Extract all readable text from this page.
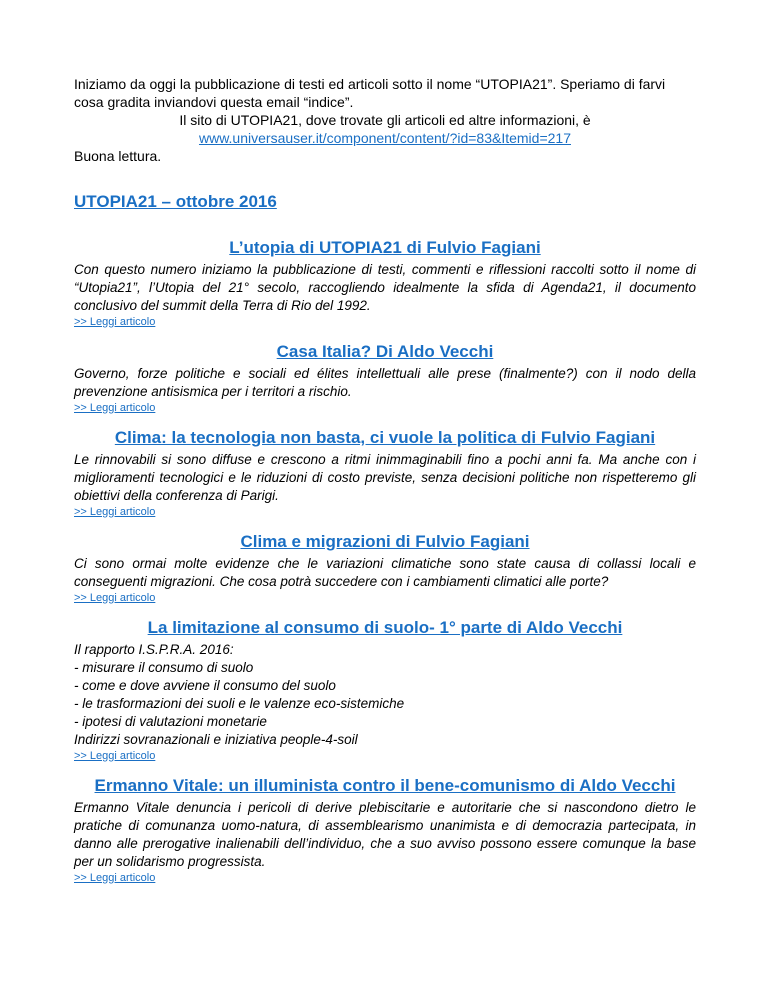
Iniziamo da oggi la pubblicazione di testi ed articoli sotto il nome “UTOPIA21”. Speriamo di farvi cosa gradita inviandovi questa email “indice”.

Il sito di UTOPIA21, dove trovate gli articoli ed altre informazioni, è

www.universauser.it/component/content/?id=83&Itemid=217

Buona lettura.

UTOPIA21 – ottobre 2016
L’utopia di UTOPIA21 di Fulvio Fagiani
Con questo numero iniziamo la pubblicazione di testi, commenti e riflessioni raccolti sotto il nome di “Utopia21”, l’Utopia del 21° secolo, raccogliendo idealmente la sfida di Agenda21, il documento conclusivo del summit della Terra di Rio del 1992.
>> Leggi articolo
Casa Italia? Di Aldo Vecchi
Governo, forze politiche e sociali ed élites intellettuali alle prese (finalmente?) con il nodo della prevenzione antisismica per i territori a rischio.
>> Leggi articolo
Clima: la tecnologia non basta, ci vuole la politica di Fulvio Fagiani
Le rinnovabili si sono diffuse e crescono a ritmi inimmaginabili fino a pochi anni fa. Ma anche con i miglioramenti tecnologici e le riduzioni di costo previste, senza decisioni politiche non rispetteremo gli obiettivi della conferenza di Parigi.
>> Leggi articolo
Clima e migrazioni di Fulvio Fagiani
Ci sono ormai molte evidenze che le variazioni climatiche sono state causa di collassi locali e conseguenti migrazioni. Che cosa potrà succedere con i cambiamenti climatici alle porte?
>> Leggi articolo
La limitazione al consumo di suolo- 1° parte di Aldo Vecchi
Il rapporto I.S.P.R.A. 2016:
- misurare il consumo di suolo
- come e dove avviene il consumo del suolo
- le trasformazioni dei suoli e le valenze eco-sistemiche
- ipotesi di valutazioni monetarie
Indirizzi sovranazionali e iniziativa people-4-soil
>> Leggi articolo
Ermanno Vitale: un illuminista contro il bene-comunismo di Aldo Vecchi
Ermanno Vitale denuncia i pericoli di derive plebiscitarie e autoritarie che si nascondono dietro le pratiche di comunanza uomo-natura, di assemblearismo unanimista e di democrazia partecipata, in danno alle prerogative inalienabili dell’individuo, che a suo avviso possono essere comunque la base per un solidarismo progressista.
>> Leggi articolo
